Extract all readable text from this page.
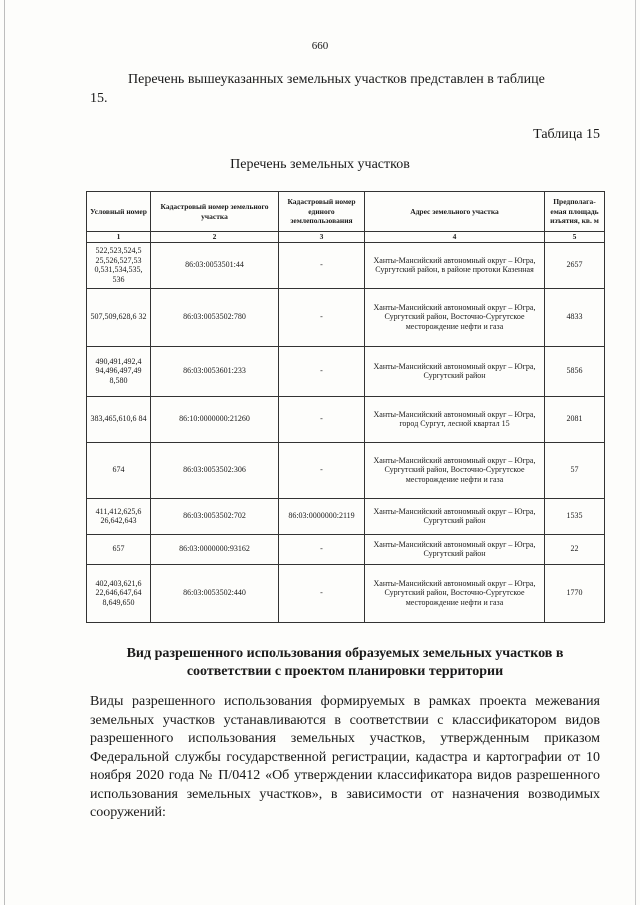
660
Перечень вышеуказанных земельных участков представлен в таблице
15.
Таблица 15
Перечень земельных участков
Условный номер	Кадастровый номер земельного участка	Кадастровый номер единого землепользования	Адрес земельного участка	Предполага-емая площадь изъятия, кв. м
1	2	3	4	5
522,523,524,5 25,526,527,53 0,531,534,535, 536	86:03:0053501:44	-	Ханты-Мансийский автономный округ – Югра, Сургутский район, в районе протоки Казенная	2657
507,509,628,6 32	86:03:0053502:780	-	Ханты-Мансийский автономный округ – Югра, Сургутский район, Восточно-Сургутское месторождение нефти и газа	4833
490,491,492,4 94,496,497,49 8,580	86:03:0053601:233	-	Ханты-Мансийский автономный округ – Югра, Сургутский район	5856
383,465,610,6 84	86:10:0000000:21260	-	Ханты-Мансийский автономный округ – Югра, город Сургут, лесной квартал 15	2081
674	86:03:0053502:306	-	Ханты-Мансийский автономный округ – Югра, Сургутский район, Восточно-Сургутское месторождение нефти и газа	57
411,412,625,6 26,642,643	86:03:0053502:702	86:03:0000000:2119	Ханты-Мансийский автономный округ – Югра, Сургутский район	1535
657	86:03:0000000:93162	-	Ханты-Мансийский автономный округ – Югра, Сургутский район	22
402,403,621,6 22,646,647,64 8,649,650	86:03:0053502:440	-	Ханты-Мансийский автономный округ – Югра, Сургутский район, Восточно-Сургутское месторождение нефти и газа	1770
Вид разрешенного использования образуемых земельных участков в соответствии с проектом планировки территории
Виды разрешенного использования формируемых в рамках проекта межевания земельных участков устанавливаются в соответствии с классификатором видов разрешенного использования земельных участков, утвержденным приказом Федеральной службы государственной регистрации, кадастра и картографии от 10 ноября 2020 года № П/0412 «Об утверждении классификатора видов разрешенного использования земельных участков», в зависимости от назначения возводимых сооружений:
